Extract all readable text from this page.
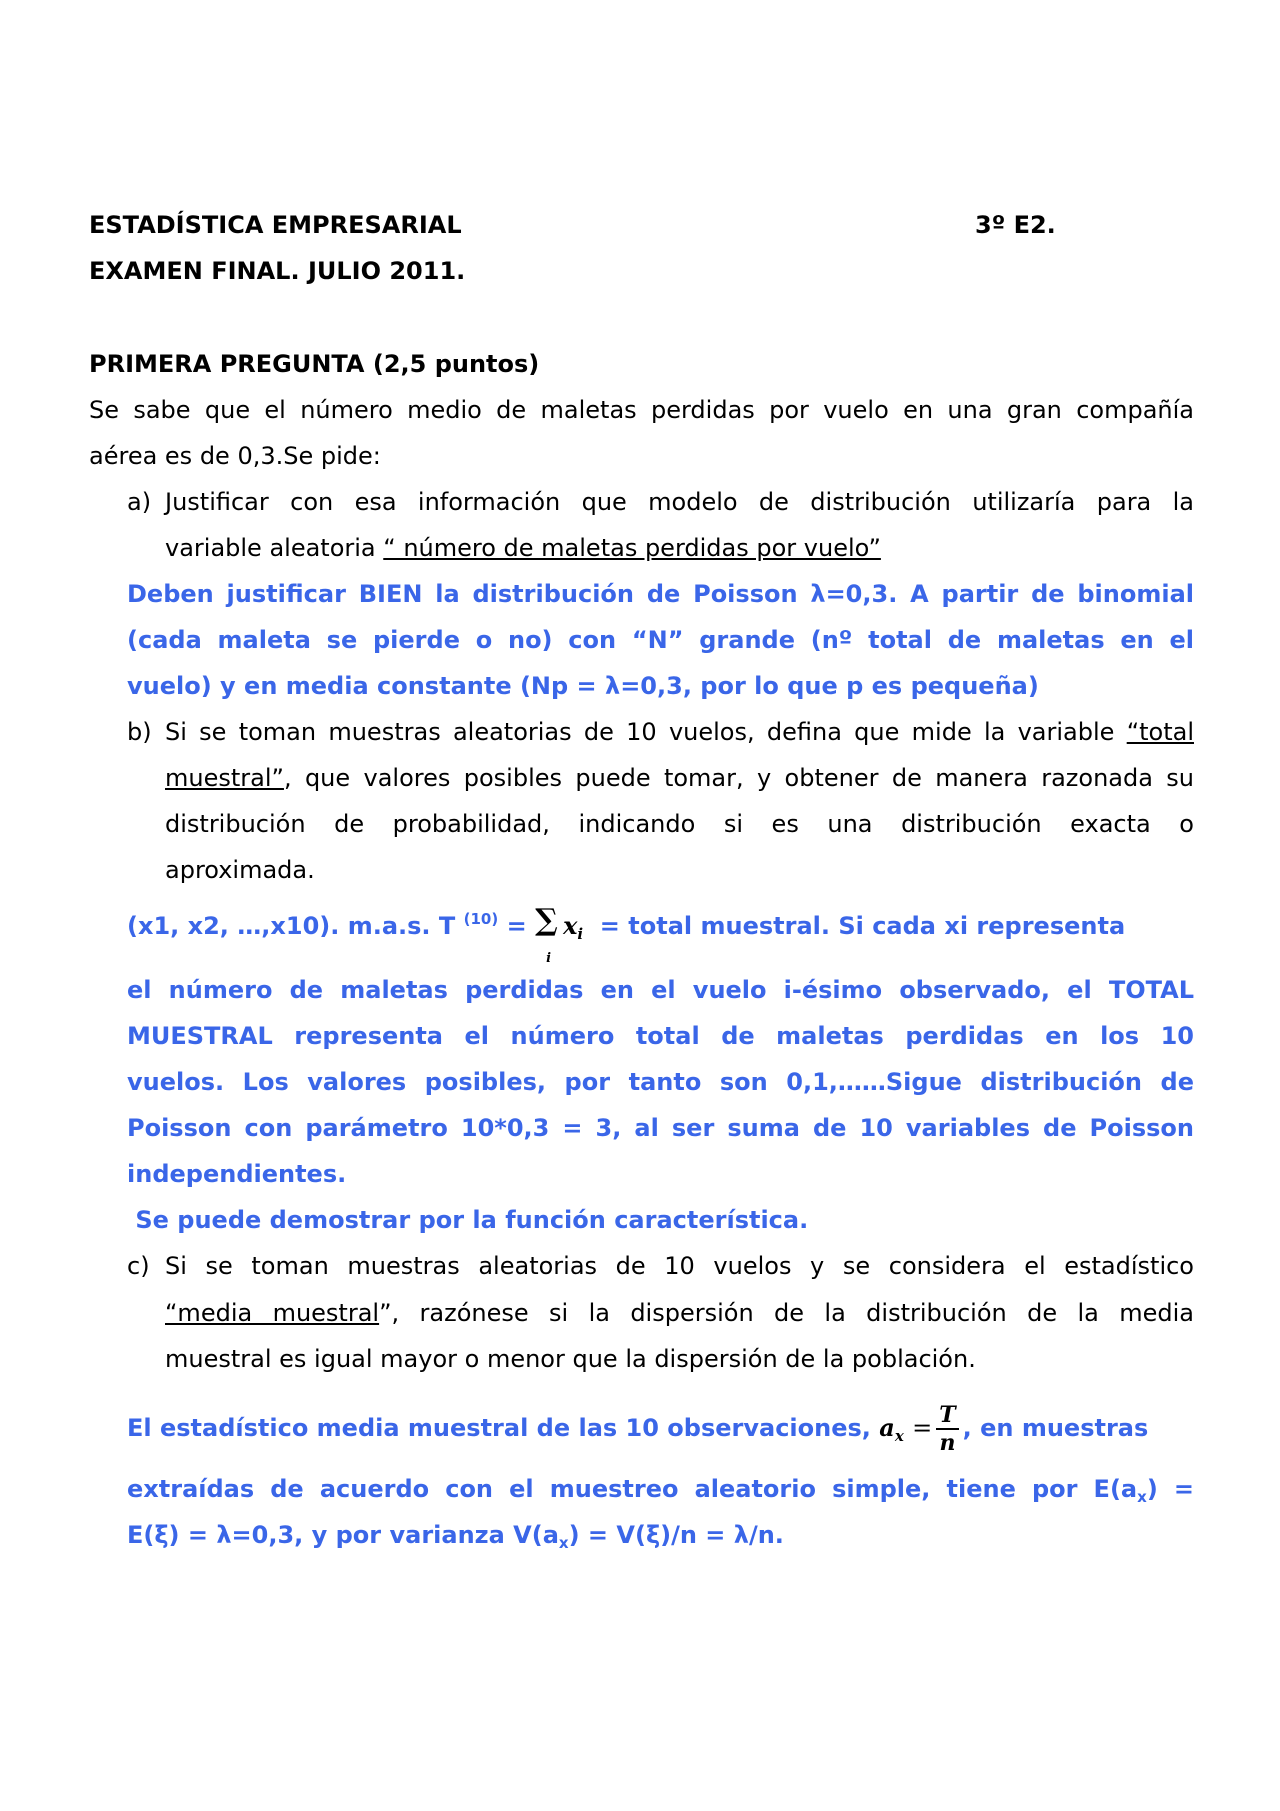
ESTADÍSTICA EMPRESARIAL	3º E2.
EXAMEN FINAL. JULIO 2011.
PRIMERA PREGUNTA (2,5 puntos)
Se sabe que el número medio de maletas perdidas por vuelo en una gran compañía
aérea es de 0,3.Se pide:
a) Justificar con esa información que modelo de distribución utilizaría para la
variable aleatoria “ número de maletas perdidas por vuelo”
Deben justificar BIEN la distribución de Poisson λ=0,3. A partir de binomial
(cada maleta se pierde o no) con “N” grande (nº total de maletas en el
vuelo) y en media constante (Np = λ=0,3, por lo que p es pequeña)
b) Si se toman muestras aleatorias de 10 vuelos, defina que mide la variable “total
muestral”, que valores posibles puede tomar, y obtener de manera razonada su
distribución de probabilidad, indicando si es una distribución exacta o
aproximada.
(x1, x2, …,x10). m.a.s. T $^{(10)}$ = ∑
i
$x_i$ = total muestral. Si cada xi representa
el número de maletas perdidas en el vuelo i-ésimo observado, el TOTAL
MUESTRAL representa el número total de maletas perdidas en los 10
vuelos. Los valores posibles, por tanto son 0,1,……Sigue distribución de
Poisson con parámetro 10*0,3 = 3, al ser suma de 10 variables de Poisson
independientes.
Se puede demostrar por la función característica.
c) Si se toman muestras aleatorias de 10 vuelos y se considera el estadístico
“media muestral”, razónese si la dispersión de la distribución de la media
muestral es igual mayor o menor que la dispersión de la población.
El estadístico media muestral de las 10 observaciones, $a_x = \frac{T}{n}$ , en muestras
extraídas de acuerdo con el muestreo aleatorio simple, tiene por $E(a_x)$ =
E(ξ) = λ=0,3, y por varianza $V(a_x) = V(\xi)/n = \lambda/n$.
